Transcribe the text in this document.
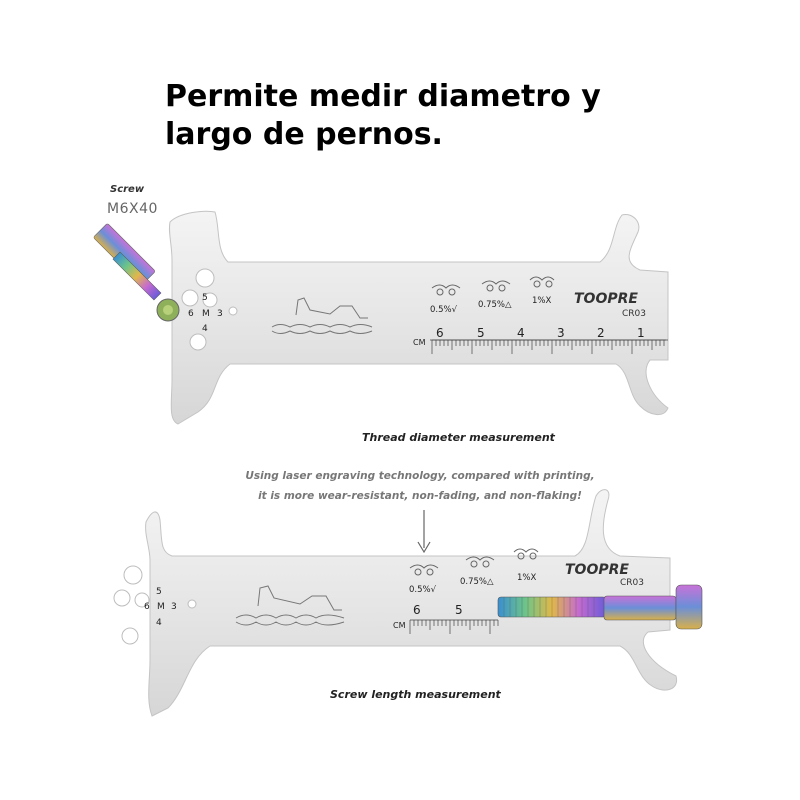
Permite medir diametro y largo de pernos.
Screw
M6X40
5
6 M 3
4
0.5%√ 0.75%△ 1%X TOOPRE
CR03
CM
6	5	4	3	2	1
5
6 M 3
4
0.5%√
0.75%△	1%X TOOPRE
CR03
CM
6	5
Thread diameter measurement
Using laser engraving technology, compared with printing,
it is more wear-resistant, non-fading, and non-flaking!
Screw length measurement
